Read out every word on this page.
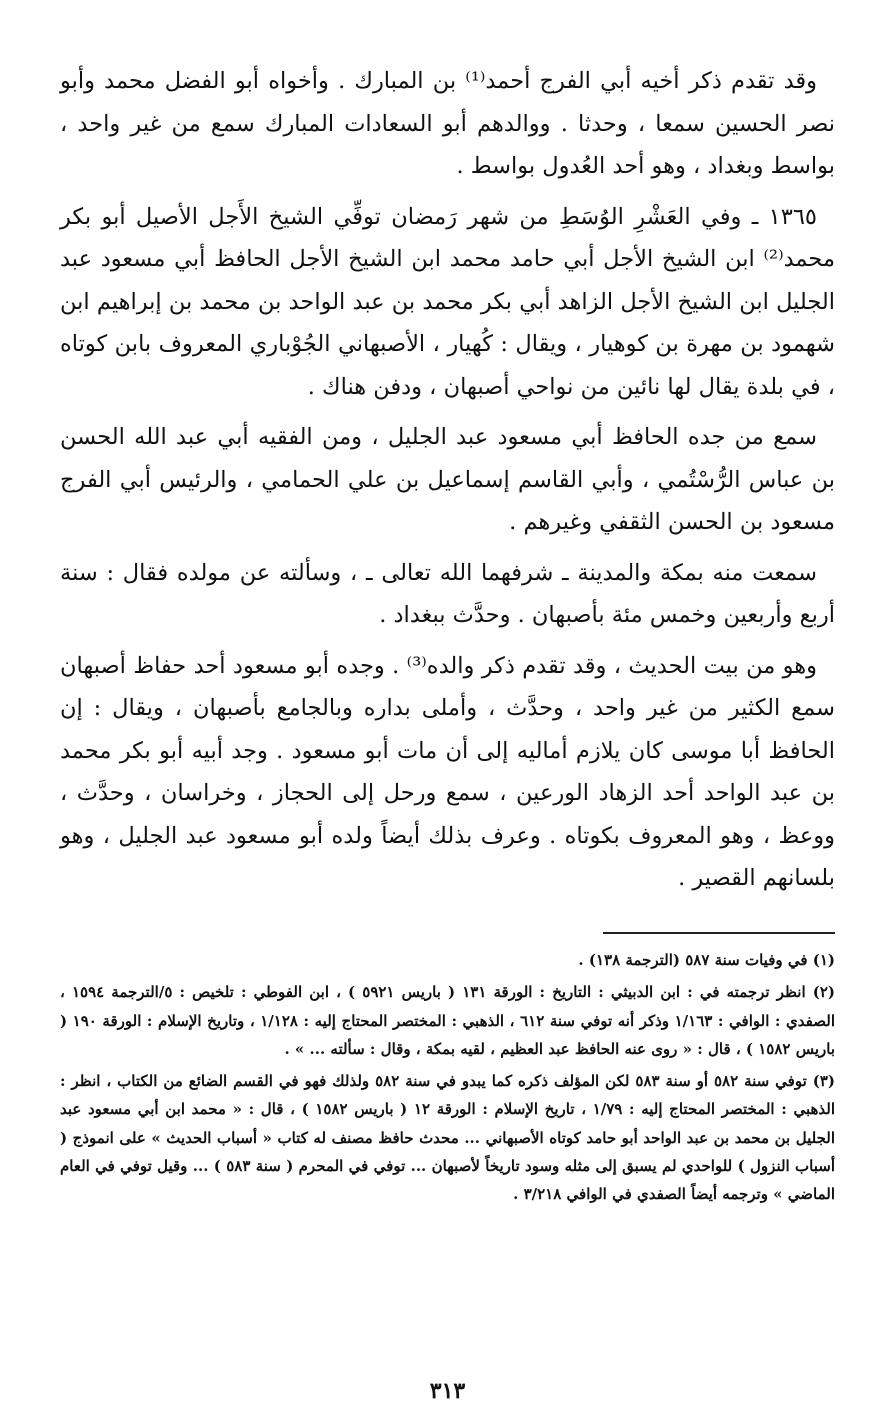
وقد تقدم ذكر أخيه أبي الفرج أحمد⁽¹⁾ بن المبارك . وأخواه أبو الفضل محمد وأبو نصر الحسين سمعا ، وحدثا . ووالدهم أبو السعادات المبارك سمع من غير واحد ، بواسط وبغداد ، وهو أحد العُدول بواسط .

١٣٦٥ ـ وفي العَشْرِ الوُسَطِ من شهر رَمضان توفِّي الشيخ الأَجل الأصيل أبو بكر محمد⁽²⁾ ابن الشيخ الأجل أبي حامد محمد ابن الشيخ الأجل الحافظ أبي مسعود عبد الجليل ابن الشيخ الأجل الزاهد أبي بكر محمد بن عبد الواحد بن محمد بن إبراهيم ابن شهمود بن مهرة بن كوهيار ، ويقال : كُهيار ، الأصبهاني الجُوْباري المعروف بابن كوتاه ، في بلدة يقال لها نائين من نواحي أصبهان ، ودفن هناك .

سمع من جده الحافظ أبي مسعود عبد الجليل ، ومن الفقيه أبي عبد الله الحسن بن عباس الرُّسْتُمي ، وأبي القاسم إسماعيل بن علي الحمامي ، والرئيس أبي الفرج مسعود بن الحسن الثقفي وغيرهم .

سمعت منه بمكة والمدينة ـ شرفهما الله تعالى ـ ، وسألته عن مولده فقال : سنة أربع وأربعين وخمس مئة بأصبهان . وحدَّث ببغداد .

وهو من بيت الحديث ، وقد تقدم ذكر والده⁽³⁾ . وجده أبو مسعود أحد حفاظ أصبهان سمع الكثير من غير واحد ، وحدَّث ، وأملى بداره وبالجامع بأصبهان ، ويقال : إن الحافظ أبا موسى كان يلازم أماليه إلى أن مات أبو مسعود . وجد أبيه أبو بكر محمد بن عبد الواحد أحد الزهاد الورعين ، سمع ورحل إلى الحجاز ، وخراسان ، وحدَّث ، ووعظ ، وهو المعروف بكوتاه . وعرف بذلك أيضاً ولده أبو مسعود عبد الجليل ، وهو بلسانهم القصير .

(١) في وفيات سنة ٥٨٧ (الترجمة ١٣٨) .

(٢) انظر ترجمته في : ابن الدبيثي : التاريخ : الورقة ١٣١ ( باريس ٥٩٢١ ) ، ابن الفوطي : تلخيص : ٥/الترجمة ١٥٩٤ ، الصفدي : الوافي : ١/١٦٣ وذكر أنه توفي سنة ٦١٢ ، الذهبي : المختصر المحتاج إليه : ١/١٢٨ ، وتاريخ الإسلام : الورقة ١٩٠ ( باريس ١٥٨٢ ) ، قال : « روى عنه الحافظ عبد العظيم ، لقيه بمكة ، وقال : سألته ... » .

(٣) توفي سنة ٥٨٢ أو سنة ٥٨٣ لكن المؤلف ذكره كما يبدو في سنة ٥٨٢ ولذلك فهو في القسم الضائع من الكتاب ، انظر : الذهبي : المختصر المحتاج إليه : ١/٧٩ ، تاريخ الإسلام : الورقة ١٢ ( باريس ١٥٨٢ ) ، قال : « محمد ابن أبي مسعود عبد الجليل بن محمد بن عبد الواحد أبو حامد كوتاه الأصبهاني ... محدث حافظ مصنف له كتاب « أسباب الحديث » على انموذج ( أسباب النزول ) للواحدي لم يسبق إلى مثله وسود تاريخاً لأصبهان ... توفي في المحرم ( سنة ٥٨٣ ) ... وقيل توفي في العام الماضي » وترجمه أيضاً الصفدي في الوافي ٣/٢١٨ .

٣١٣
